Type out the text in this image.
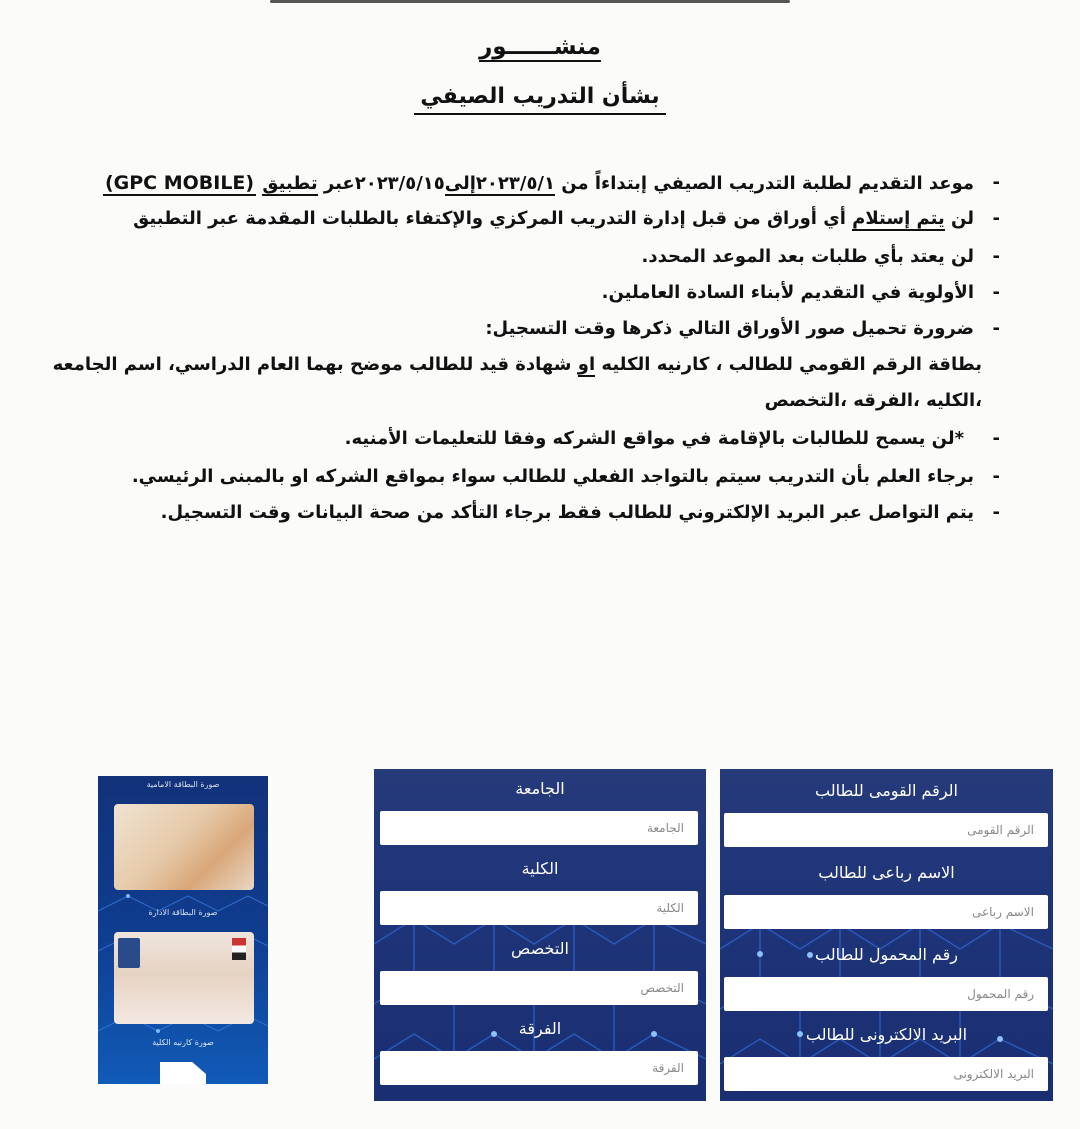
منشــــــور
بشأن التدريب الصيفي
- موعد التقديم لطلبة التدريب الصيفي إبتداءاً من ٢٠٢٣/٥/١إلى٢٠٢٣/٥/١٥عبر تطبيق (GPC MOBILE)
- لن يتم إستلام أي أوراق من قبل إدارة التدريب المركزي والإكتفاء بالطلبات المقدمة عبر التطبيق
- لن يعتد بأي طلبات بعد الموعد المحدد.
- الأولوية في التقديم لأبناء السادة العاملين.
- ضرورة تحميل صور الأوراق التالي ذكرها وقت التسجيل:
بطاقة الرقم القومي للطالب ، كارنيه الكليه او شهادة قيد للطالب موضح بهما العام الدراسي، اسم الجامعه
،الكليه ،الفرقه ،التخصص
- *لن يسمح للطالبات بالإقامة في مواقع الشركه وفقا للتعليمات الأمنيه.
- برجاء العلم بأن التدريب سيتم بالتواجد الفعلي للطالب سواء بمواقع الشركه او بالمبنى الرئيسي.
- يتم التواصل عبر البريد الإلكتروني للطالب فقط برجاء التأكد من صحة البيانات وقت التسجيل.
صورة البطاقة الامامية
صورة البطاقة الادارة
صورة كارنيه الكلية
الجامعة
الجامعة
الكلية
الكلية
التخصص
التخصص
الفرقة
الفرقة
الرقم القومى للطالب
الرقم القومى
الاسم رباعى للطالب
الاسم رباعى
رقم المحمول للطالب
رقم المحمول
البريد الالكترونى للطالب
البريد الالكترونى
